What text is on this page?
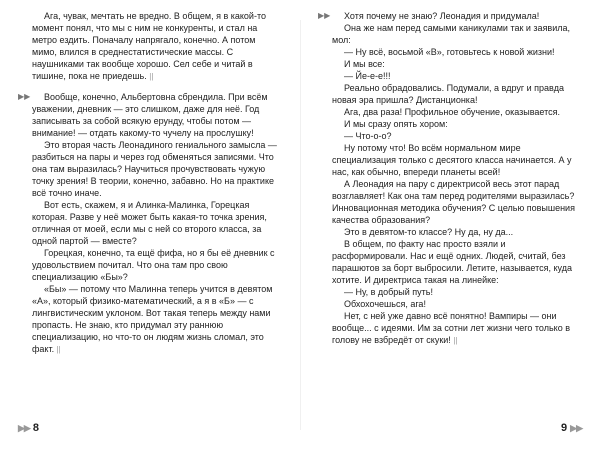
Ага, чувак, мечтать не вредно. В общем, я в какой-то момент понял, что мы с ним не конкуренты, и стал на метро ездить. Поначалу напрягало, конечно. А потом мимо, влился в среднестатистические массы. С наушниками так вообще хорошо. Сел себе и читай в тишине, пока не приедешь. ||

▶▶ Вообще, конечно, Альбертовна сбрендила. При всём уважении, дневник — это слишком, даже для неё. Год записывать за собой всякую ерунду, чтобы потом — внимание! — отдать какому-то чучелу на прослушку!

Это вторая часть Леонадиного гениального замысла — разбиться на пары и через год обменяться записями. Что она там выразилась? Научиться прочувствовать чужую точку зрения! В теории, конечно, забавно. Но на практике всё точно иначе.

Вот есть, скажем, я и Алинка-Малинка, Горецкая которая. Разве у неё может быть какая-то точка зрения, отличная от моей, если мы с ней со второго класса, за одной партой — вместе?

Горецкая, конечно, та ещё фифа, но я бы её дневник с удовольствием почитал. Что она там про свою специализацию «Бы»?

«Бы» — потому что Малинна теперь учится в девятом «А», который физико-математический, а я в «Б» — с лингвистическим уклоном. Вот такая теперь между нами пропасть. Не знаю, кто придумал эту раннюю специализацию, но что-то он людям жизнь сломал, это факт. ||

▶▶ 8

▶▶ Хотя почему не знаю? Леонадия и придумала!

Она же нам перед самыми каникулами так и заявила, мол:

— Ну всё, восьмой «В», готовьтесь к новой жизни!

И мы все:

— Йе-е-е!!!

Реально обрадовались. Подумали, а вдруг и правда новая эра пришла? Дистанционка!

Ага, два раза! Профильное обучение, оказывается.

И мы сразу опять хором:

— Что-о-о?

Ну потому что! Во всём нормальном мире специализация только с десятого класса начинается. А у нас, как обычно, впереди планеты всей!

А Леонадия на пару с директрисой весь этот парад возглавляет! Как она там перед родителями выразилась? Инновационная методика обучения? С целью повышения качества образования?

Это в девятом-то классе? Ну да, ну да...

В общем, по факту нас просто взяли и расформировали. Нас и ещё одних. Людей, считай, без парашютов за борт выбросили. Летите, называется, куда хотите. И директриса такая на линейке:

— Ну, в добрый путь!

Обхохочешься, ага!

Нет, с ней уже давно всё понятно! Вампиры — они вообще... с идеями. Им за сотни лет жизни чего только в голову не взбредёт от скуки! ||

9 ▶▶
